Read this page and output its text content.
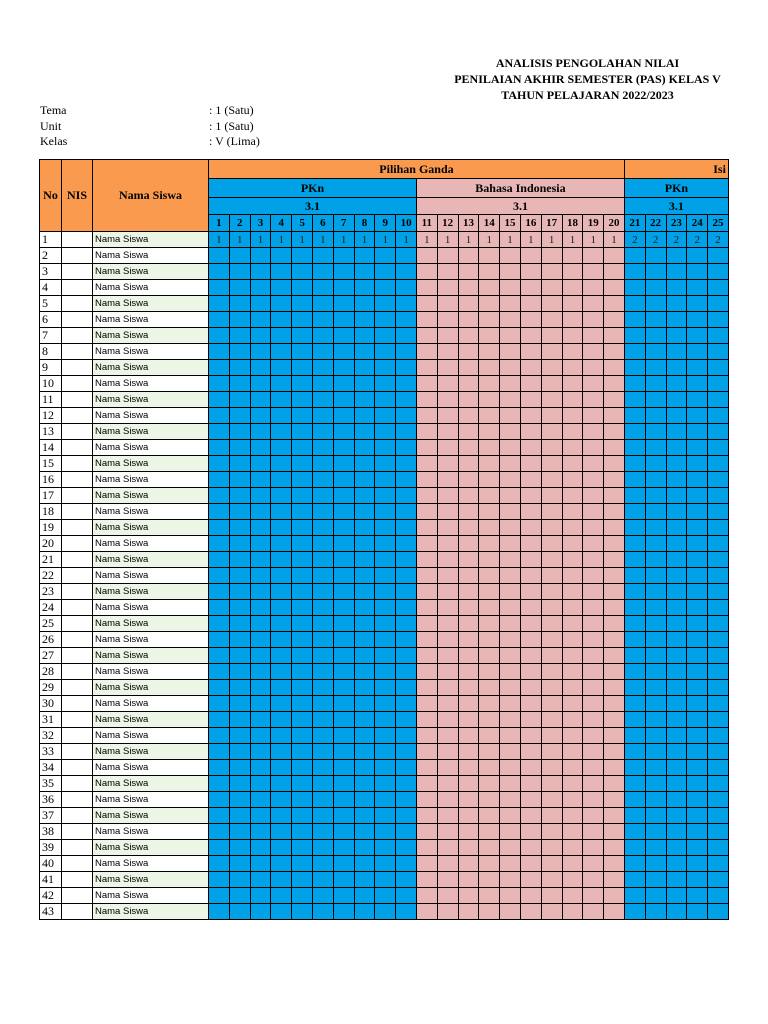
ANALISIS PENGOLAHAN NILAI
PENILAIAN AKHIR SEMESTER (PAS) KELAS V
TAHUN PELAJARAN 2022/2023
Tema	: 1 (Satu)
Unit	: 1 (Satu)
Kelas	: V (Lima)
No	NIS	Nama Siswa	Pilihan Ganda																				Isi				
			PKn										Bahasa Indonesia										PKn				
			3.1										3.1										3.1				
			1	2	3	4	5	6	7	8	9	10	11	12	13	14	15	16	17	18	19	20	21	22	23	24	25
1		Nama Siswa	1	1	1	1	1	1	1	1	1	1	1	1	1	1	1	1	1	1	1	1	2	2	2	2	2
2		Nama Siswa																									
3		Nama Siswa																									
4		Nama Siswa																									
5		Nama Siswa																									
6		Nama Siswa																									
7		Nama Siswa																									
8		Nama Siswa																									
9		Nama Siswa																									
10		Nama Siswa																									
11		Nama Siswa																									
12		Nama Siswa																									
13		Nama Siswa																									
14		Nama Siswa																									
15		Nama Siswa																									
16		Nama Siswa																									
17		Nama Siswa																									
18		Nama Siswa																									
19		Nama Siswa																									
20		Nama Siswa																									
21		Nama Siswa																									
22		Nama Siswa																									
23		Nama Siswa																									
24		Nama Siswa																									
25		Nama Siswa																									
26		Nama Siswa																									
27		Nama Siswa																									
28		Nama Siswa																									
29		Nama Siswa																									
30		Nama Siswa																									
31		Nama Siswa																									
32		Nama Siswa																									
33		Nama Siswa																									
34		Nama Siswa																									
35		Nama Siswa																									
36		Nama Siswa																									
37		Nama Siswa																									
38		Nama Siswa																									
39		Nama Siswa																									
40		Nama Siswa																									
41		Nama Siswa																									
42		Nama Siswa																									
43		Nama Siswa																									
